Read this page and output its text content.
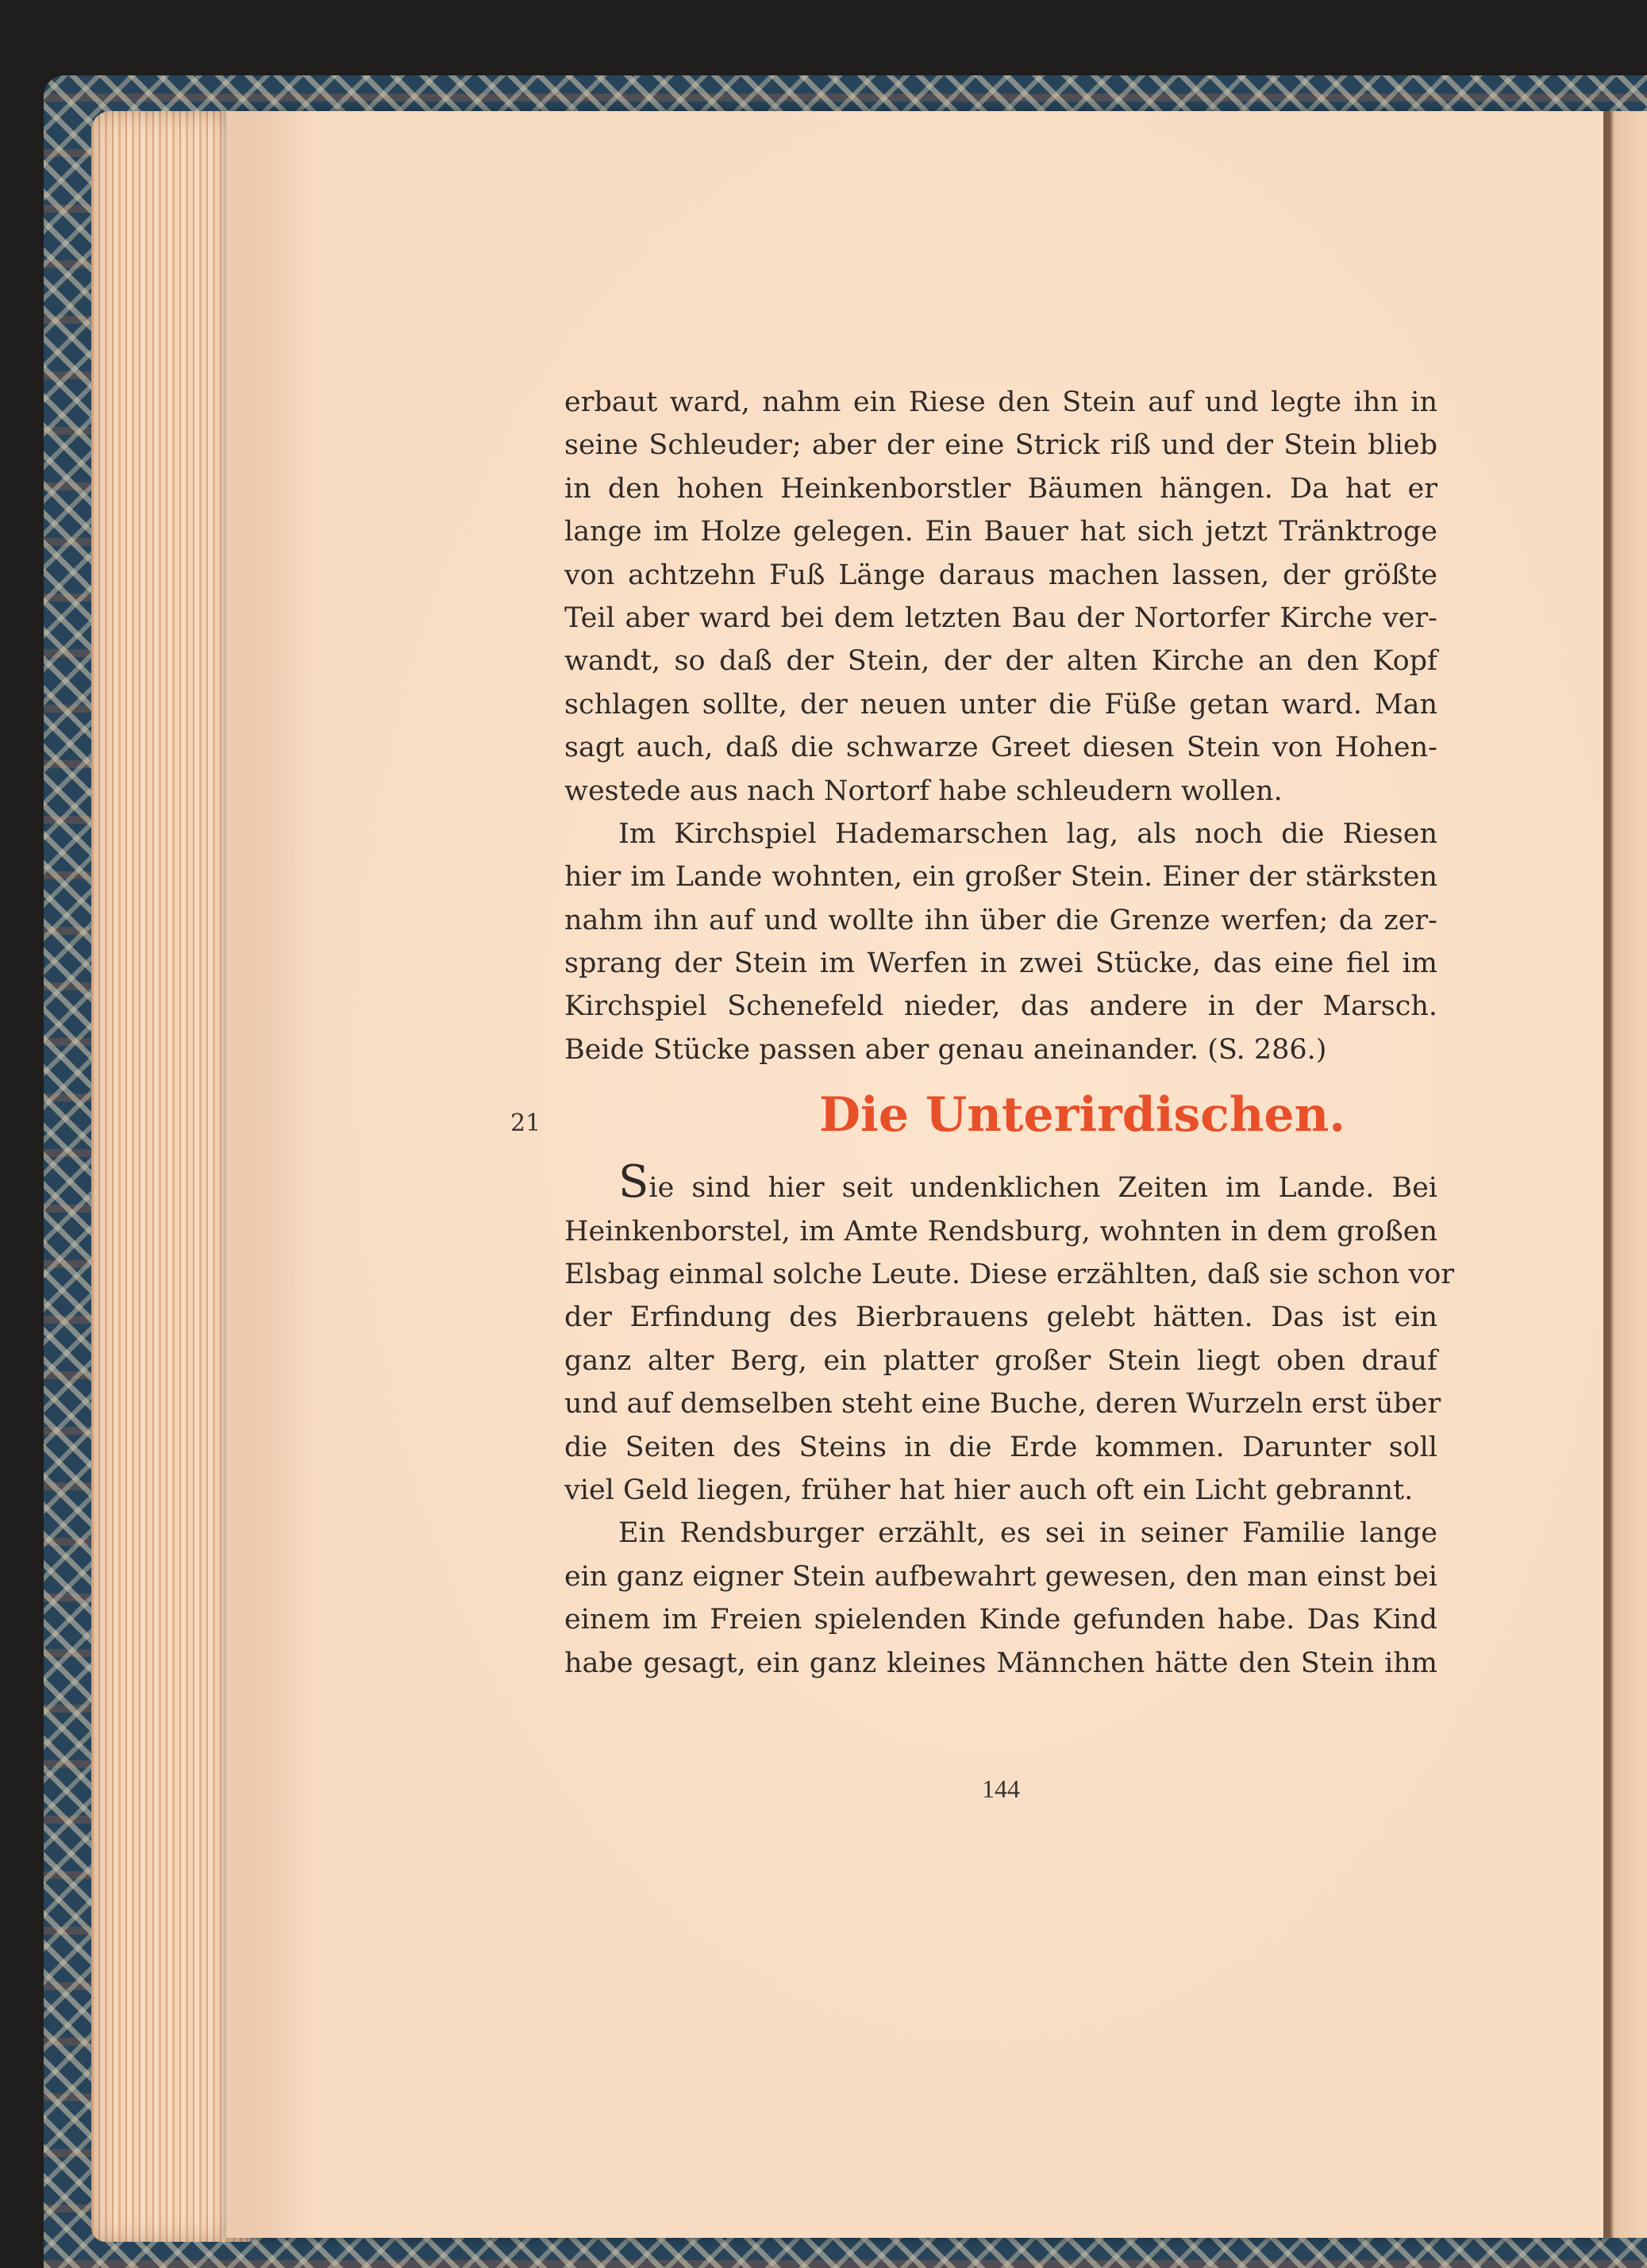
erbaut ward, nahm ein Riese den Stein auf und legte ihn in
seine Schleuder; aber der eine Strick riß und der Stein blieb
in den hohen Heinkenborstler Bäumen hängen. Da hat er
lange im Holze gelegen. Ein Bauer hat sich jetzt Tränktroge
von achtzehn Fuß Länge daraus machen lassen, der größte
Teil aber ward bei dem letzten Bau der Nortorfer Kirche ver-
wandt, so daß der Stein, der der alten Kirche an den Kopf
schlagen sollte, der neuen unter die Füße getan ward. Man
sagt auch, daß die schwarze Greet diesen Stein von Hohen-
westede aus nach Nortorf habe schleudern wollen.
Im Kirchspiel Hademarschen lag, als noch die Riesen
hier im Lande wohnten, ein großer Stein. Einer der stärksten
nahm ihn auf und wollte ihn über die Grenze werfen; da zer-
sprang der Stein im Werfen in zwei Stücke, das eine fiel im
Kirchspiel Schenefeld nieder, das andere in der Marsch.
Beide Stücke passen aber genau aneinander. (S. 286.)
21	Die Unterirdischen.
Sie sind hier seit undenklichen Zeiten im Lande. Bei
Heinkenborstel, im Amte Rendsburg, wohnten in dem großen
Elsbag einmal solche Leute. Diese erzählten, daß sie schon vor
der Erfindung des Bierbrauens gelebt hätten. Das ist ein
ganz alter Berg, ein platter großer Stein liegt oben drauf
und auf demselben steht eine Buche, deren Wurzeln erst über
die Seiten des Steins in die Erde kommen. Darunter soll
viel Geld liegen, früher hat hier auch oft ein Licht gebrannt.
Ein Rendsburger erzählt, es sei in seiner Familie lange
ein ganz eigner Stein aufbewahrt gewesen, den man einst bei
einem im Freien spielenden Kinde gefunden habe. Das Kind
habe gesagt, ein ganz kleines Männchen hätte den Stein ihm
144
